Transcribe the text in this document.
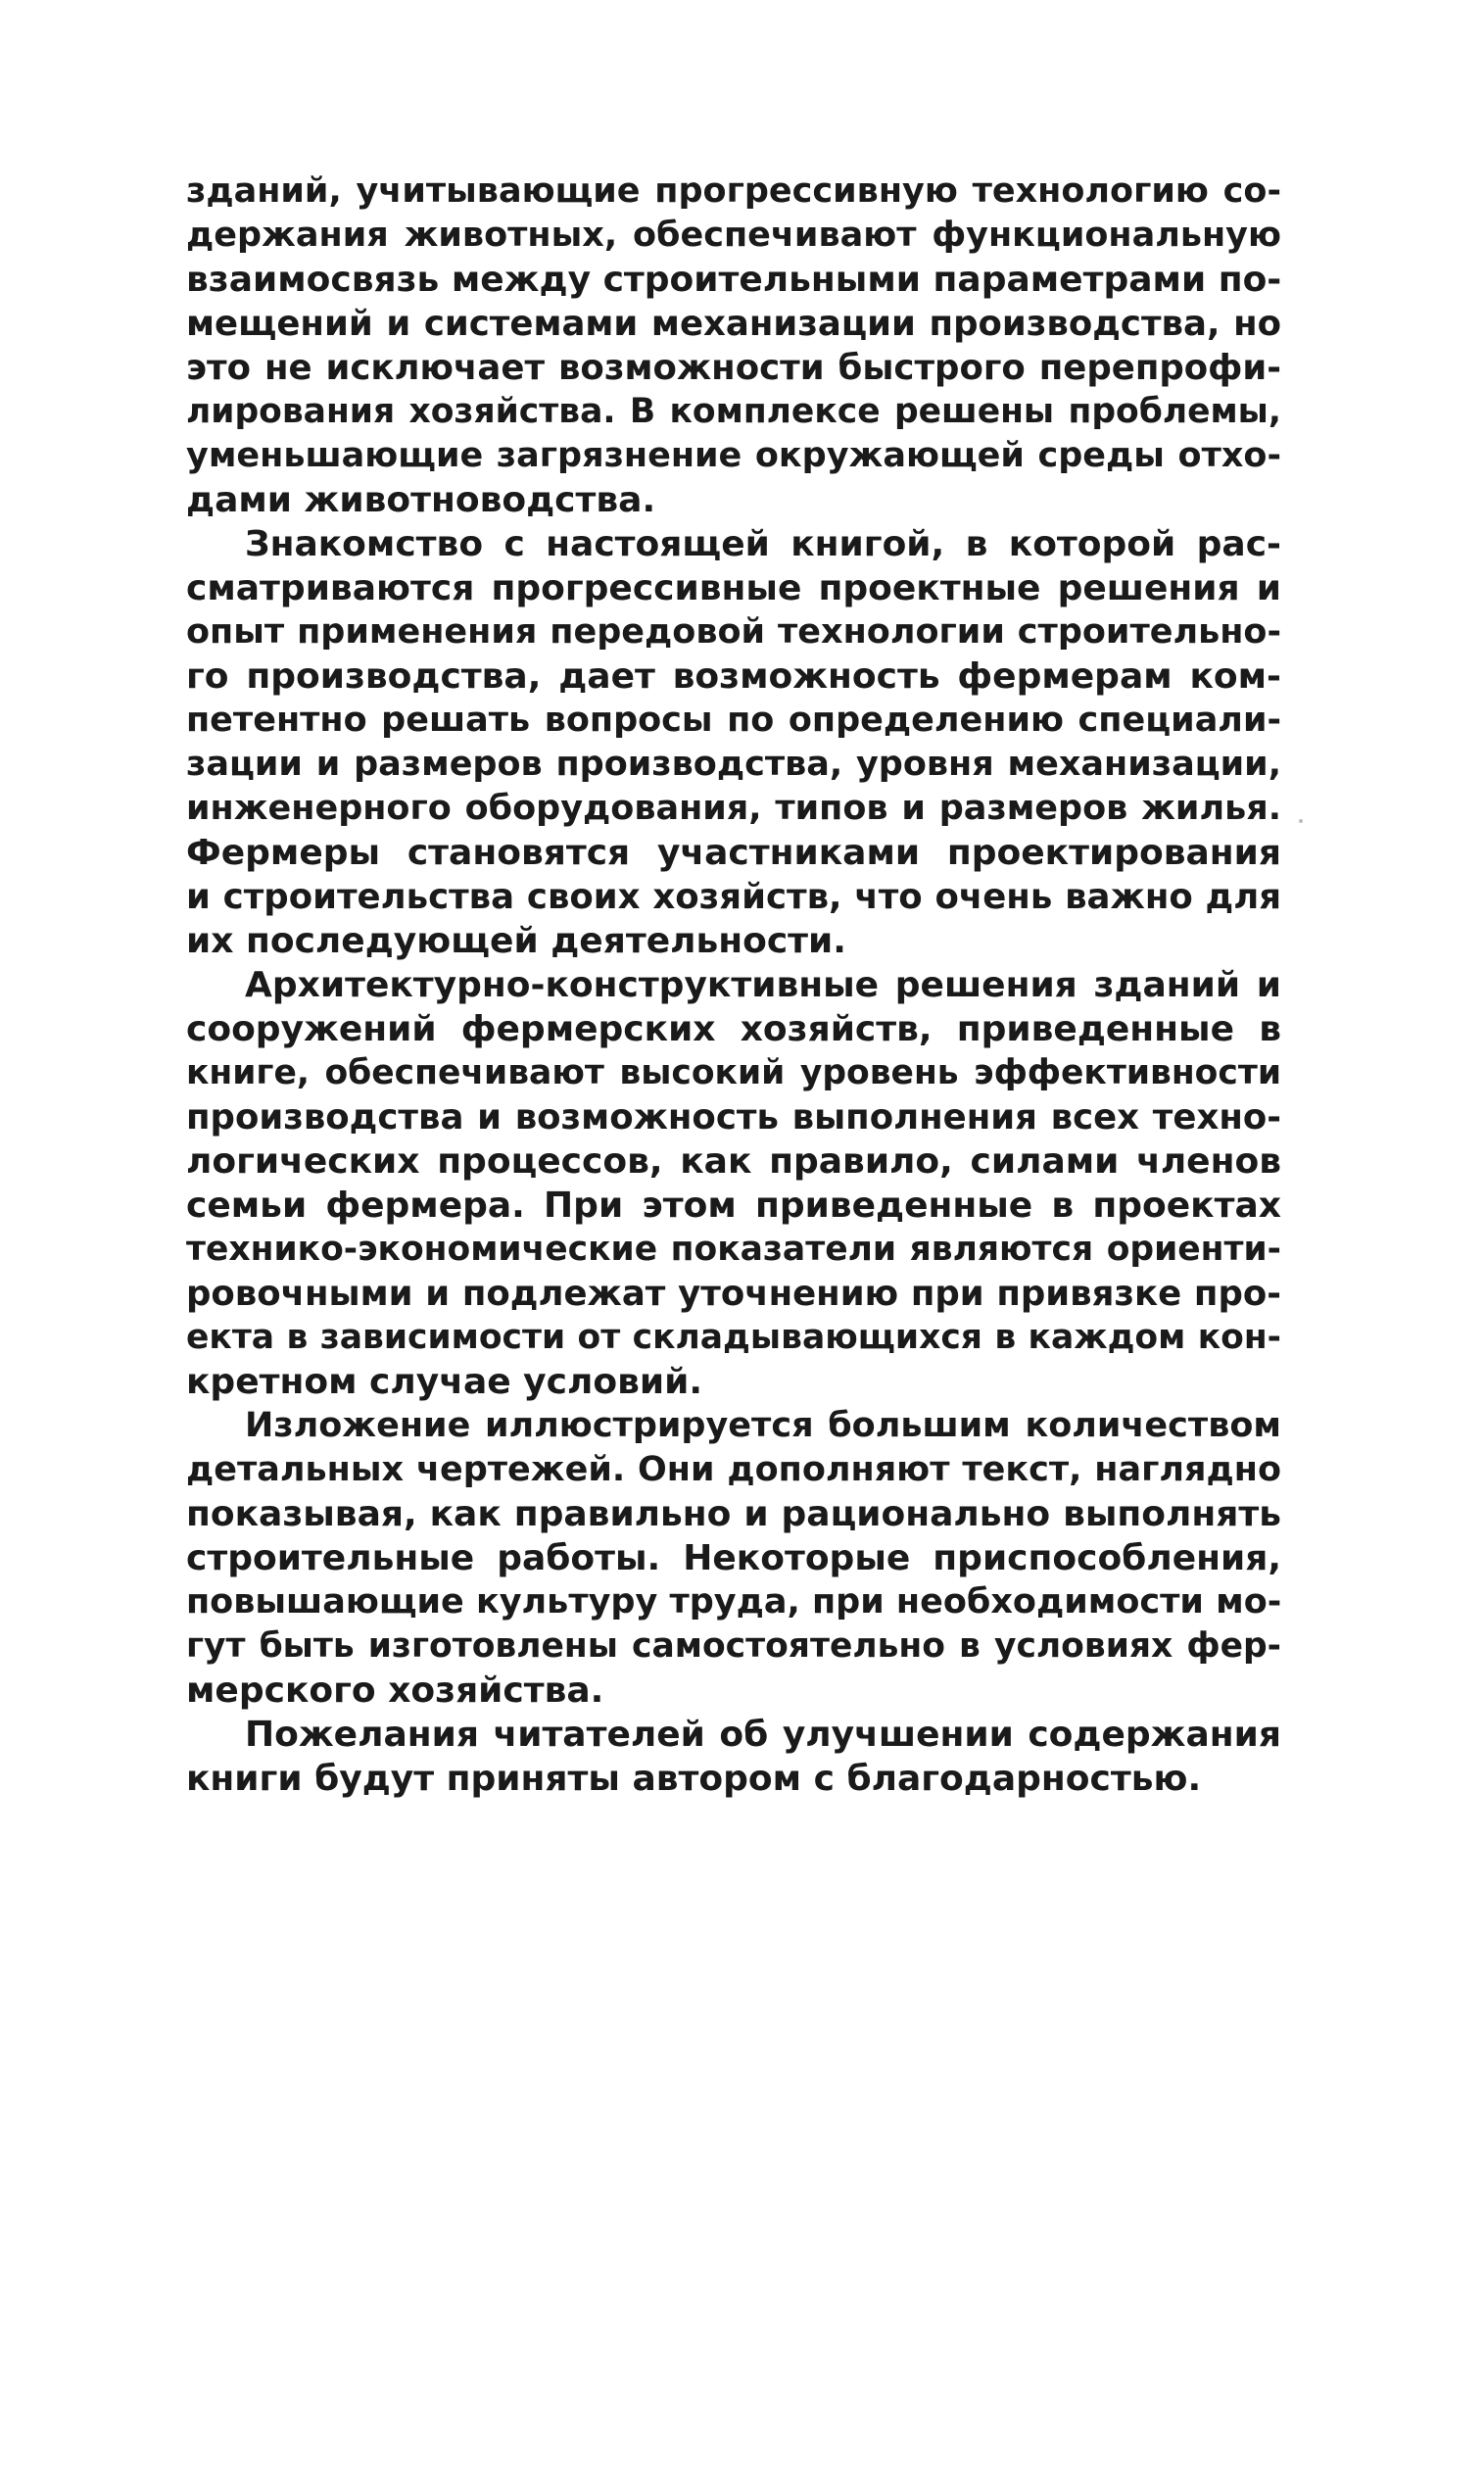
зданий, учитывающие прогрессивную технологию со-
держания животных, обеспечивают функциональную
взаимосвязь между строительными параметрами по-
мещений и системами механизации производства, но
это не исключает возможности быстрого перепрофи-
лирования хозяйства. В комплексе решены проблемы,
уменьшающие загрязнение окружающей среды отхо-
дами животноводства.
Знакомство с настоящей книгой, в которой рас-
сматриваются прогрессивные проектные решения и
опыт применения передовой технологии строительно-
го производства, дает возможность фермерам ком-
петентно решать вопросы по определению специали-
зации и размеров производства, уровня механизации,
инженерного оборудования, типов и размеров жилья.
Фермеры становятся участниками проектирования
и строительства своих хозяйств, что очень важно для
их последующей деятельности.
Архитектурно-конструктивные решения зданий и
сооружений фермерских хозяйств, приведенные в
книге, обеспечивают высокий уровень эффективности
производства и возможность выполнения всех техно-
логических процессов, как правило, силами членов
семьи фермера. При этом приведенные в проектах
технико-экономические показатели являются ориенти-
ровочными и подлежат уточнению при привязке про-
екта в зависимости от складывающихся в каждом кон-
кретном случае условий.
Изложение иллюстрируется большим количеством
детальных чертежей. Они дополняют текст, наглядно
показывая, как правильно и рационально выполнять
строительные работы. Некоторые приспособления,
повышающие культуру труда, при необходимости мо-
гут быть изготовлены самостоятельно в условиях фер-
мерского хозяйства.
Пожелания читателей об улучшении содержания
книги будут приняты автором с благодарностью.
